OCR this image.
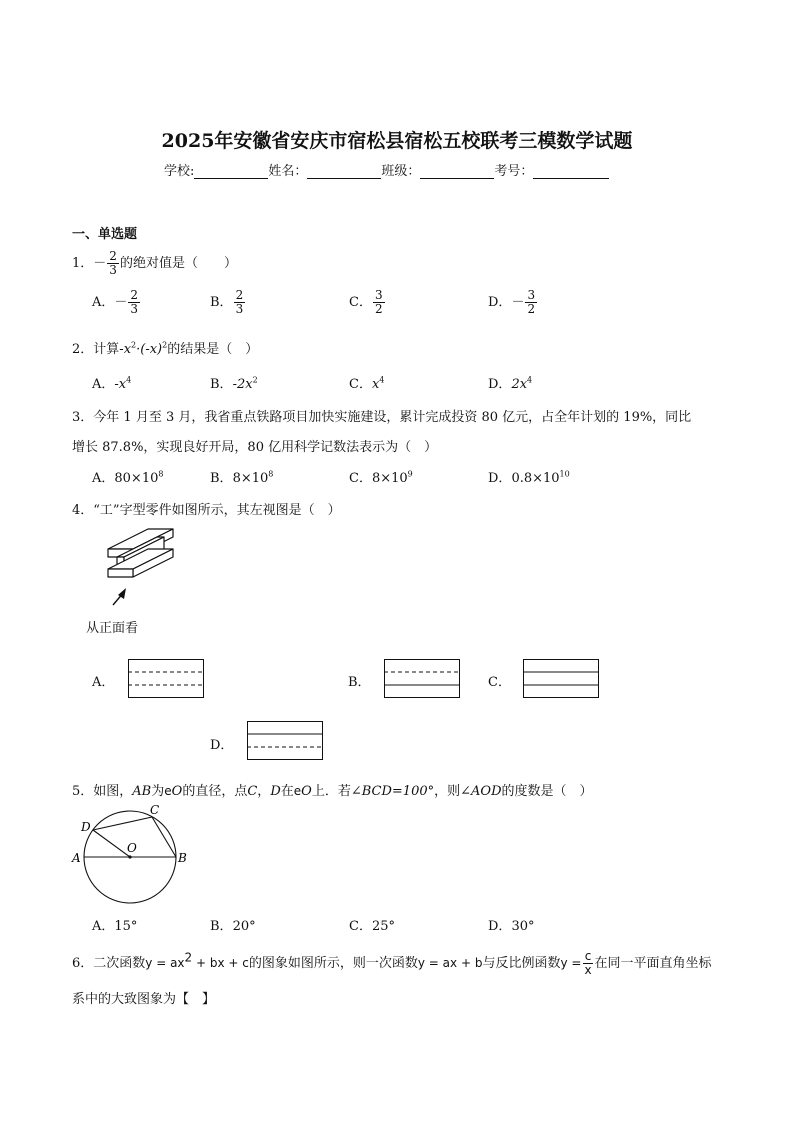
2025年安徽省安庆市宿松县宿松五校联考三模数学试题
学校:	姓名：	班级：	考号：
一、单选题
1．－ $\frac{2}{3}$ 的绝对值是（　　）
A．－ $\frac{2}{3}$	B． $\frac{2}{3}$	C． $\frac{3}{2}$	D．－ $\frac{3}{2}$
2．计算$-x^2\cdot(-x)^2$的结果是（　）
A．$-x^4$	B．$-2x^2$	C．$x^4$	D．$2x^4$
3．今年 1 月至 3 月，我省重点铁路项目加快实施建设，累计完成投资 80 亿元，占全年计划的 19%，同比
增长 87.8%，实现良好开局，80 亿用科学记数法表示为（　）
A．$80\times 10^8$	B．$8\times 10^8$	C．$8\times 10^9$	D．$0.8\times 10^{10}$
4．“工”字型零件如图所示，其左视图是（　）
从正面看
A．	B．	C．
D．
5．如图，AB为eO的直径，点C，D在eO上．若∠BCD=100°，则∠AOD的度数是（　）
A	B
C
D
O
A．15°	B．20°	C．25°	D．30°
6．二次函数$y = ax^2$ + bx + c的图象如图所示，则一次函数y = ax + b与反比例函数$y = \frac{c}{x}$ 在同一平面直角坐标
系中的大致图象为【　】
